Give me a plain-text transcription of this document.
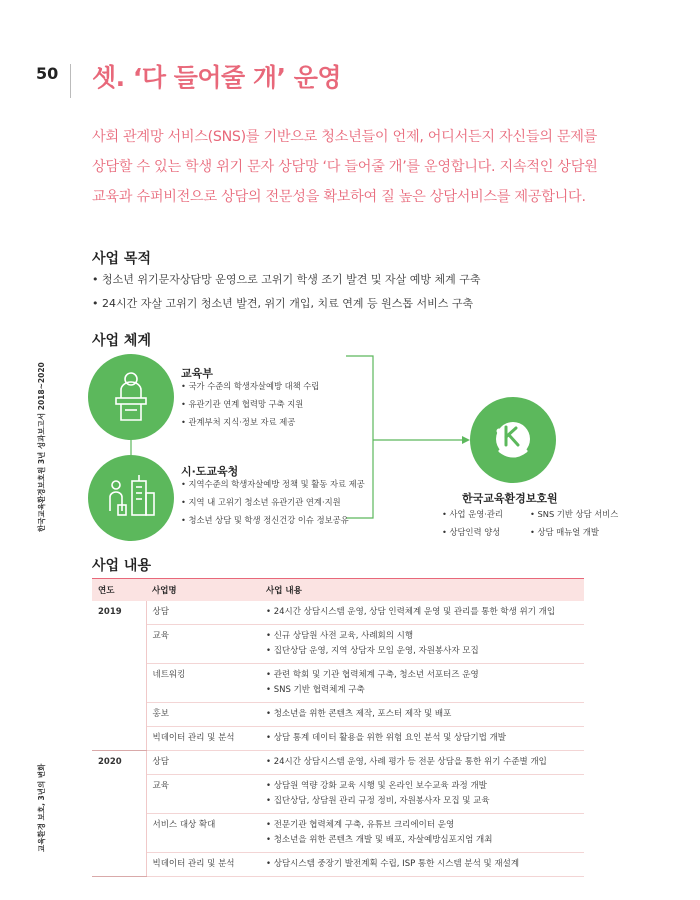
50 셋. ‘다 들어줄 개’ 운영
사회 관계망 서비스(SNS)를 기반으로 청소년들이 언제, 어디서든지 자신들의 문제를
상담할 수 있는 학생 위기 문자 상담망 ‘다 들어줄 개’를 운영합니다. 지속적인 상담원
교육과 슈퍼비전으로 상담의 전문성을 확보하여 질 높은 상담서비스를 제공합니다.
한국교육환경보호원 3년 성과보고서 2018~2020
교육환경 보호, 3년의 변화
사업 목적
• 청소년 위기문자상담망 운영으로 고위기 학생 조기 발견 및 자살 예방 체계 구축
• 24시간 자살 고위기 청소년 발견, 위기 개입, 치료 연계 등 원스톱 서비스 구축
사업 체계
교육부
• 국가 수준의 학생자살예방 대책 수립
• 유관기관 연계 협력망 구축 지원
• 관계부처 지식·정보 자료 제공
시·도교육청
• 지역수준의 학생자살예방 정책 및 활동 자료 제공
• 지역 내 고위기 청소년 유관기관 연계·지원
• 청소년 상담 및 학생 정신건강 이슈 정보공유
한국교육환경보호원
• 사업 운영·관리	• SNS 기반 상담 서비스
• 상담인력 양성	• 상담 매뉴얼 개발
사업 내용
연도	사업명	사업 내용
2019	상담	• 24시간 상담시스템 운영, 상담 인력체계 운영 및 관리를 통한 학생 위기 개입

	교육	• 신규 상담원 사전 교육, 사례회의 시행
• 집단상담 운영, 지역 상담자 모임 운영, 자원봉사자 모집

	네트워킹	• 관련 학회 및 기관 협력체계 구축, 청소년 서포터즈 운영
• SNS 기반 협력체계 구축

	홍보	• 청소년을 위한 콘텐츠 제작, 포스터 제작 및 배포

	빅데이터 관리 및 분석	• 상담 통계 데이터 활용을 위한 위험 요인 분석 및 상담기법 개발

2020	상담	• 24시간 상담시스템 운영, 사례 평가 등 전문 상담을 통한 위기 수준별 개입

	교육	• 상담원 역량 강화 교육 시행 및 온라인 보수교육 과정 개발
• 집단상담, 상담원 관리 규정 정비, 자원봉사자 모집 및 교육

	서비스 대상 확대	• 전문기관 협력체계 구축, 유튜브 크리에이터 운영
• 청소년을 위한 콘텐츠 개발 및 배포, 자살예방심포지엄 개최

	빅데이터 관리 및 분석	• 상담시스템 중장기 발전계획 수립, ISP 통한 시스템 분석 및 재설계
